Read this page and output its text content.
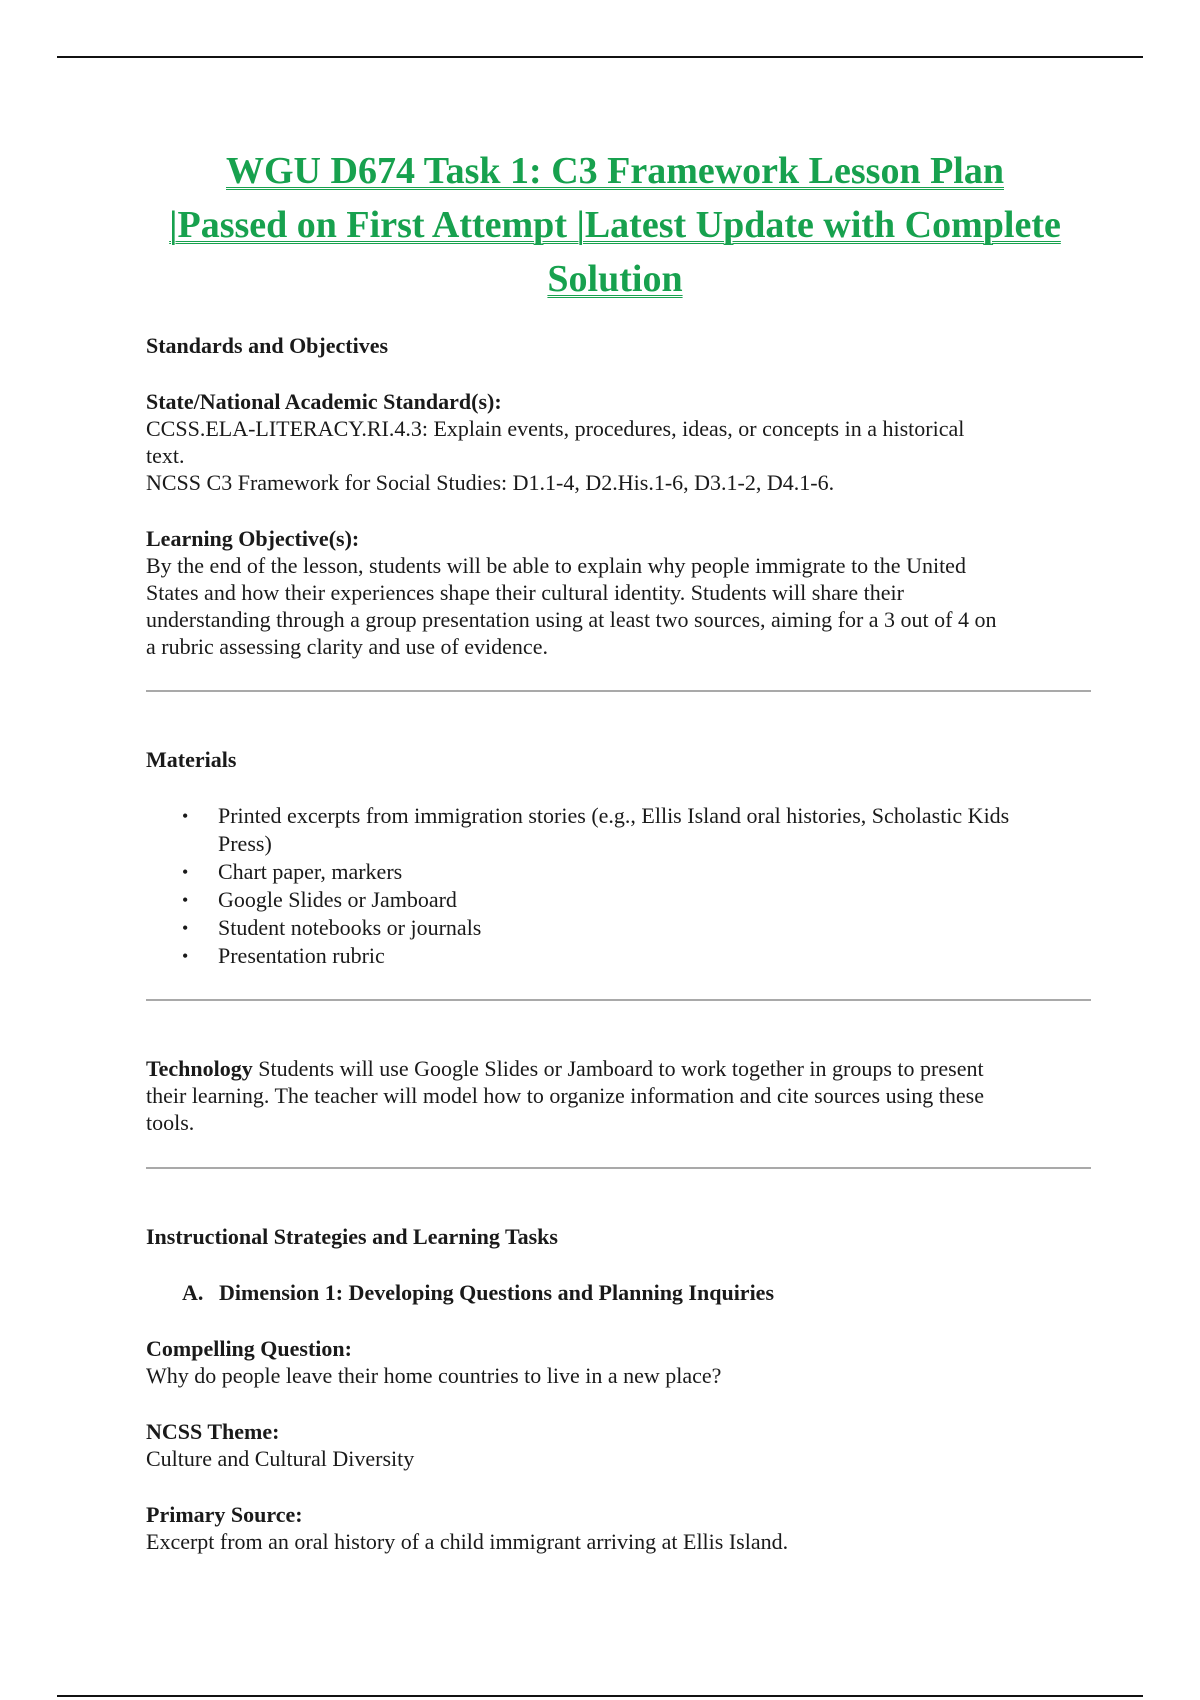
WGU D674 Task 1: C3 Framework Lesson Plan
|Passed on First Attempt |Latest Update with Complete
Solution

Standards and Objectives

State/National Academic Standard(s):

CCSS.ELA-LITERACY.RI.4.3: Explain events, procedures, ideas, or concepts in a historical

text.

NCSS C3 Framework for Social Studies: D1.1-4, D2.His.1-6, D3.1-2, D4.1-6.

Learning Objective(s):

By the end of the lesson, students will be able to explain why people immigrate to the United

States and how their experiences shape their cultural identity. Students will share their

understanding through a group presentation using at least two sources, aiming for a 3 out of 4 on

a rubric assessing clarity and use of evidence.

Materials

• Printed excerpts from immigration stories (e.g., Ellis Island oral histories, Scholastic Kids
Press)
• Chart paper, markers
• Google Slides or Jamboard
• Student notebooks or journals
• Presentation rubric

Technology Students will use Google Slides or Jamboard to work together in groups to present

their learning. The teacher will model how to organize information and cite sources using these

tools.

Instructional Strategies and Learning Tasks

A. Dimension 1: Developing Questions and Planning Inquiries

Compelling Question:

Why do people leave their home countries to live in a new place?

NCSS Theme:

Culture and Cultural Diversity

Primary Source:

Excerpt from an oral history of a child immigrant arriving at Ellis Island.
